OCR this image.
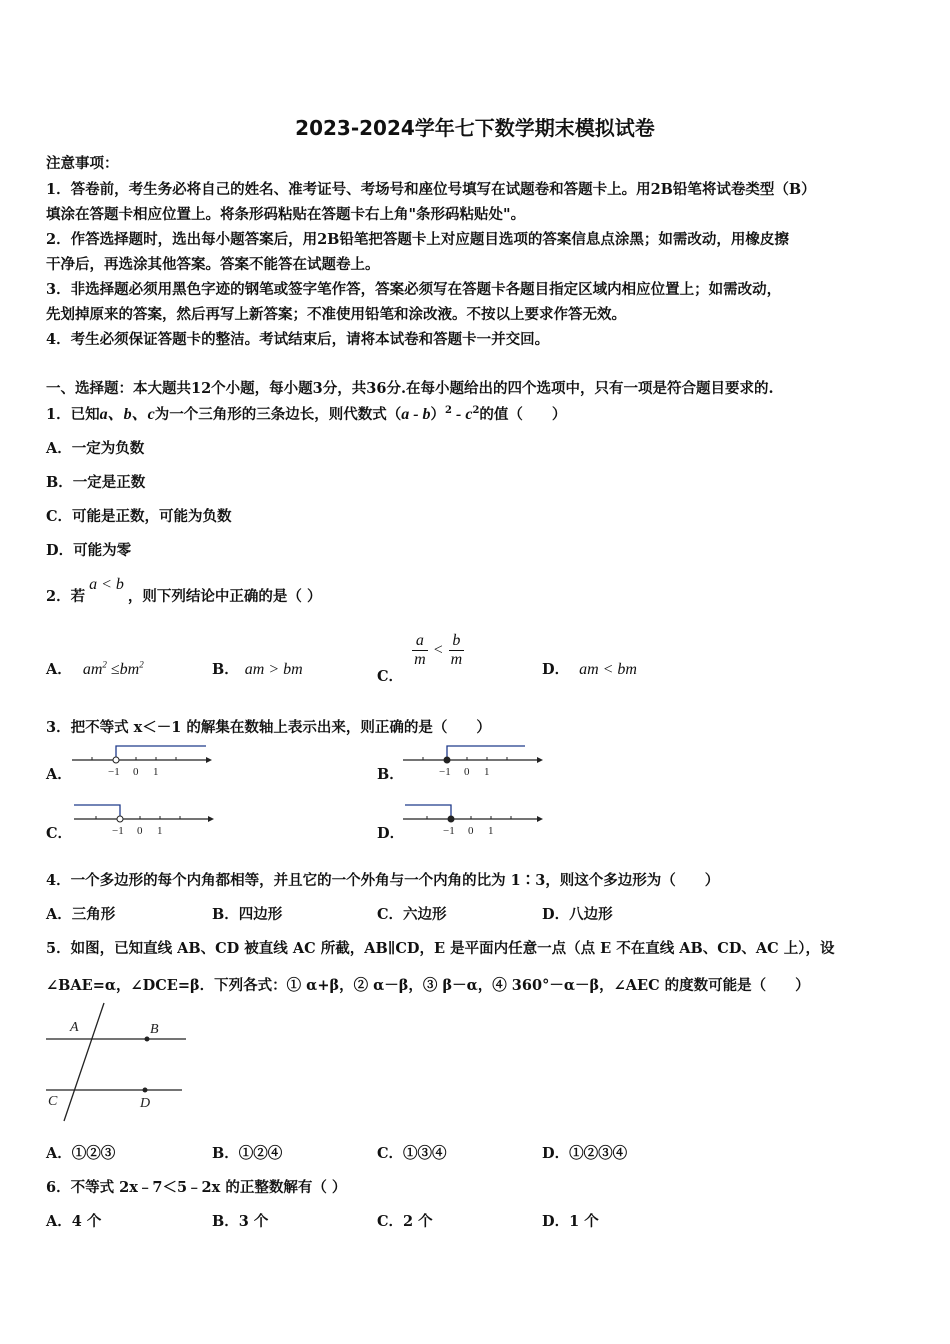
2023-2024学年七下数学期末模拟试卷
注意事项：
1．答卷前，考生务必将自己的姓名、准考证号、考场号和座位号填写在试题卷和答题卡上。用2B铅笔将试卷类型（B）
填涂在答题卡相应位置上。将条形码粘贴在答题卡右上角"条形码粘贴处"。
2．作答选择题时，选出每小题答案后，用2B铅笔把答题卡上对应题目选项的答案信息点涂黑；如需改动，用橡皮擦
干净后，再选涂其他答案。答案不能答在试题卷上。
3．非选择题必须用黑色字迹的钢笔或签字笔作答，答案必须写在答题卡各题目指定区域内相应位置上；如需改动，
先划掉原来的答案，然后再写上新答案；不准使用铅笔和涂改液。不按以上要求作答无效。
4．考生必须保证答题卡的整洁。考试结束后，请将本试卷和答题卡一并交回。
一、选择题：本大题共12个小题，每小题3分，共36分.在每小题给出的四个选项中，只有一项是符合题目要求的.
1．已知a、b、c为一个三角形的三条边长，则代数式$(a - b)^2 - c^2$的值（　　）
A．一定为负数
B．一定是正数
C．可能是正数，可能为负数
D．可能为零
2．若a < b，则下列结论中正确的是（ ）
A． $am^2 \le bm^2$	B． am > bm	C．
$\frac{a}{m} < \frac{b}{m}$
D． am < bm
3．把不等式 x＜－1 的解集在数轴上表示出来，则正确的是（　　）
A．	−1 0 1	B．	−1 0 1
C．	−1 0 1	D．	−1 0 1
4．一个多边形的每个内角都相等，并且它的一个外角与一个内角的比为 1∶3，则这个多边形为（　　）
A．三角形	B．四边形	C．六边形	D．八边形
5．如图，已知直线 AB、CD 被直线 AC 所截，AB∥CD，E 是平面内任意一点（点 E 不在直线 AB、CD、AC 上），设
∠BAE=α，∠DCE=β．下列各式：① α+β，② α－β，③ β－α，④ 360°－α－β，∠AEC 的度数可能是（　　）
A	B
C	D
A．①②③	B．①②④	C．①③④	D．①②③④
6．不等式 2x﹣7＜5﹣2x 的正整数解有（ ）
A．4 个	B．3 个	C．2 个	D．1 个
